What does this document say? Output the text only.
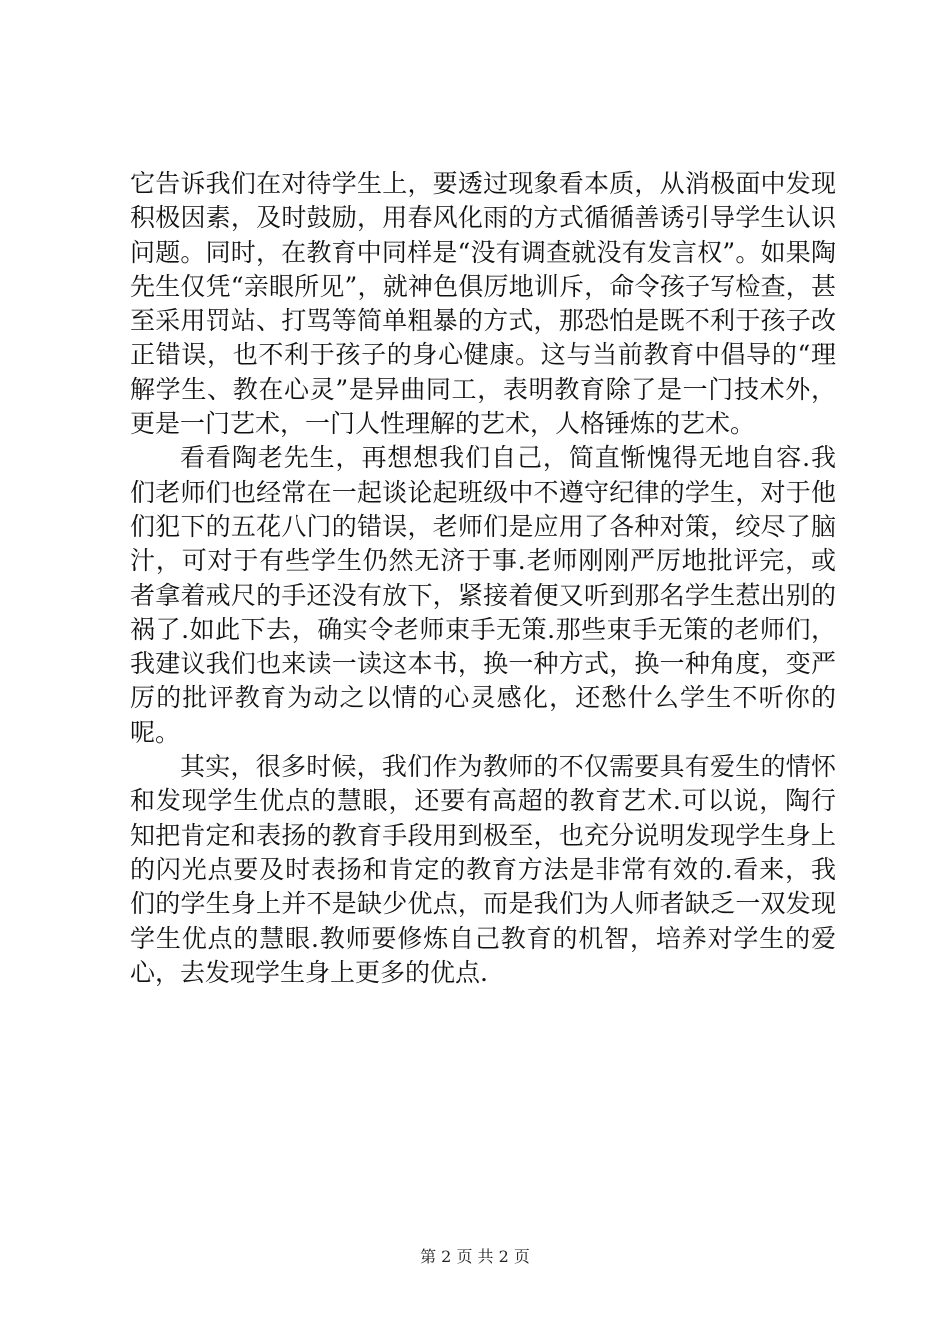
它告诉我们在对待学生上，要透过现象看本质，从消极面中发现积极因素，及时鼓励，用春风化雨的方式循循善诱引导学生认识问题。同时，在教育中同样是“没有调查就没有发言权”。如果陶先生仅凭“亲眼所见”，就神色俱厉地训斥，命令孩子写检查，甚至采用罚站、打骂等简单粗暴的方式，那恐怕是既不利于孩子改正错误，也不利于孩子的身心健康。这与当前教育中倡导的“理解学生、教在心灵”是异曲同工，表明教育除了是一门技术外，更是一门艺术，一门人性理解的艺术，人格锤炼的艺术。

看看陶老先生，再想想我们自己，简直惭愧得无地自容.我们老师们也经常在一起谈论起班级中不遵守纪律的学生，对于他们犯下的五花八门的错误，老师们是应用了各种对策，绞尽了脑汁，可对于有些学生仍然无济于事.老师刚刚严厉地批评完，或者拿着戒尺的手还没有放下，紧接着便又听到那名学生惹出别的祸了.如此下去，确实令老师束手无策.那些束手无策的老师们，我建议我们也来读一读这本书，换一种方式，换一种角度，变严厉的批评教育为动之以情的心灵感化，还愁什么学生不听你的呢。

其实，很多时候，我们作为教师的不仅需要具有爱生的情怀和发现学生优点的慧眼，还要有高超的教育艺术.可以说，陶行知把肯定和表扬的教育手段用到极至，也充分说明发现学生身上的闪光点要及时表扬和肯定的教育方法是非常有效的.看来，我们的学生身上并不是缺少优点，而是我们为人师者缺乏一双发现学生优点的慧眼.教师要修炼自己教育的机智，培养对学生的爱心，去发现学生身上更多的优点.

第 2 页 共 2 页
